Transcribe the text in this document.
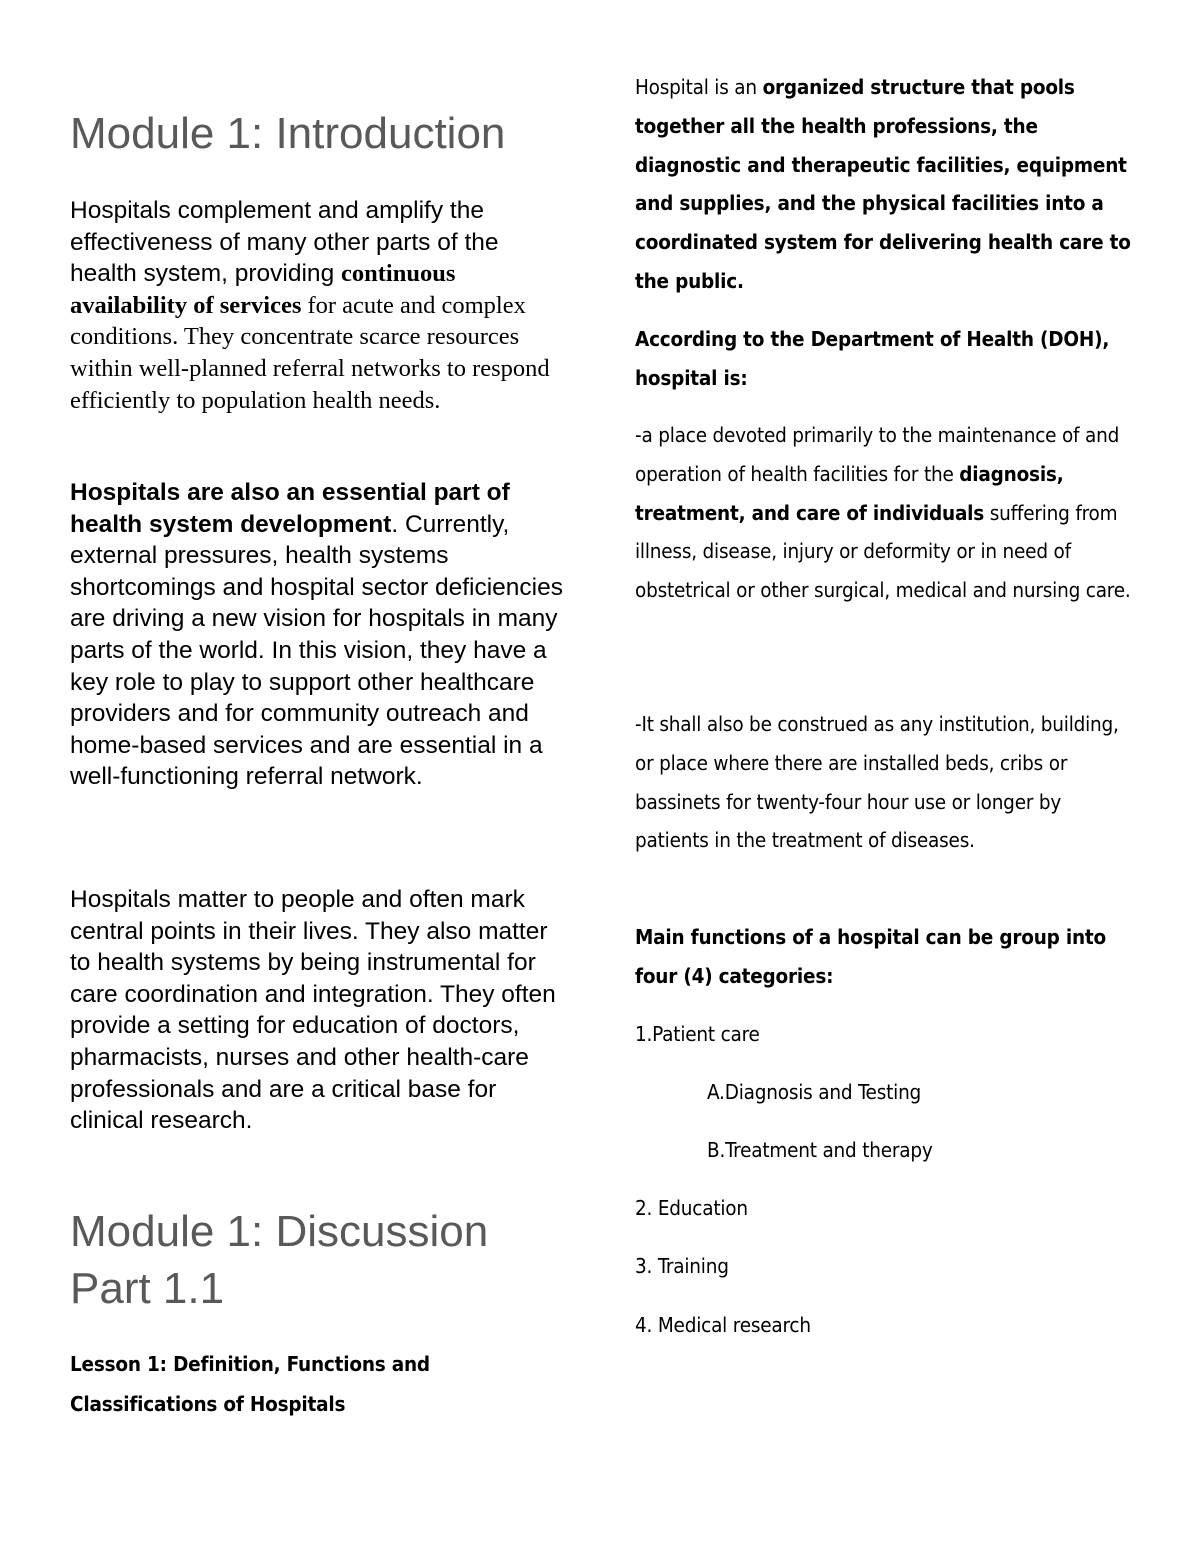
Module 1: Introduction

Hospitals complement and amplify the effectiveness of many other parts of the health system, providing continuous availability of services for acute and complex conditions. They concentrate scarce resources within well-planned referral networks to respond efficiently to population health needs.

Hospitals are also an essential part of health system development. Currently, external pressures, health systems shortcomings and hospital sector deficiencies are driving a new vision for hospitals in many parts of the world. In this vision, they have a key role to play to support other healthcare providers and for community outreach and home-based services and are essential in a well-functioning referral network.

Hospitals matter to people and often mark central points in their lives. They also matter to health systems by being instrumental for care coordination and integration. They often provide a setting for education of doctors, pharmacists, nurses and other health-care professionals and are a critical base for clinical research.

Module 1: Discussion Part 1.1

Lesson 1: Definition, Functions and Classifications of Hospitals

Hospital is an organized structure that pools together all the health professions, the diagnostic and therapeutic facilities, equipment and supplies, and the physical facilities into a coordinated system for delivering health care to the public.

According to the Department of Health (DOH), hospital is:

-a place devoted primarily to the maintenance of and operation of health facilities for the diagnosis, treatment, and care of individuals suffering from illness, disease, injury or deformity or in need of obstetrical or other surgical, medical and nursing care.

-It shall also be construed as any institution, building, or place where there are installed beds, cribs or bassinets for twenty-four hour use or longer by patients in the treatment of diseases.

Main functions of a hospital can be group into four (4) categories:

1.Patient care

A.Diagnosis and Testing

B.Treatment and therapy

2. Education

3. Training

4. Medical research
